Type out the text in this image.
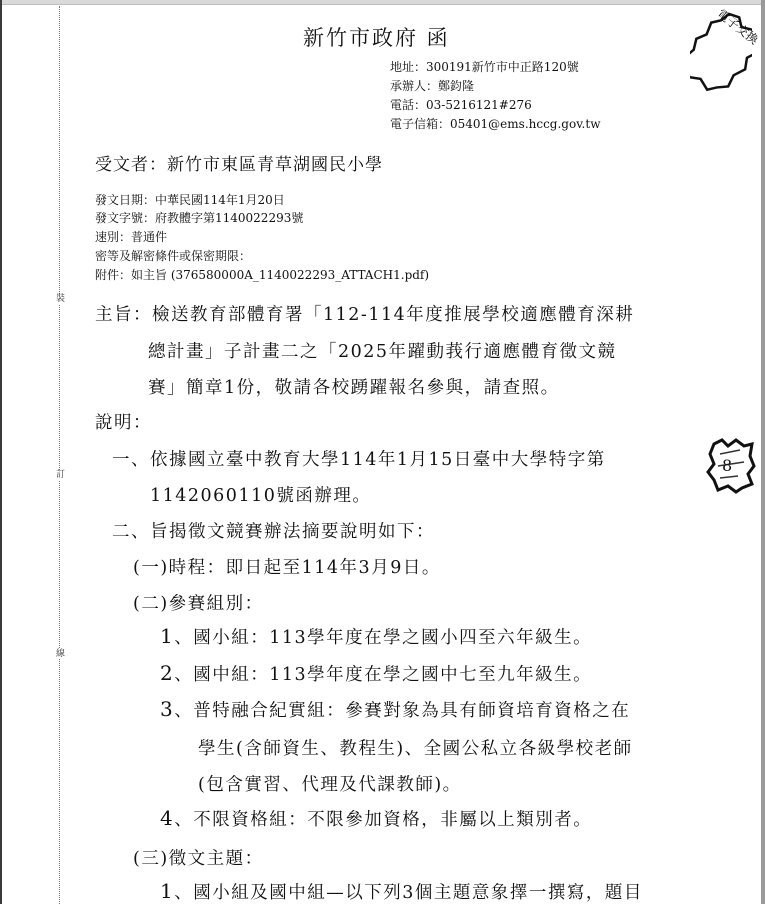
裝
訂
線
電子交換
8
新竹市政府 函
地址：300191新竹市中正路120號
承辦人：鄭鈞隆
電話：03-5216121#276
電子信箱：05401@ems.hccg.gov.tw
受文者：新竹市東區青草湖國民小學
發文日期：中華民國114年1月20日
發文字號：府教體字第1140022293號
速別：普通件
密等及解密條件或保密期限：
附件：如主旨 (376580000A_1140022293_ATTACH1.pdf)
主旨：檢送教育部體育署「112-114年度推展學校適應體育深耕
總計畫」子計畫二之「2025年躍動莪行適應體育徵文競
賽」簡章1份，敬請各校踴躍報名參與，請查照。
說明：
一、依據國立臺中教育大學114年1月15日臺中大學特字第
1142060110號函辦理。
二、旨揭徵文競賽辦法摘要說明如下：
(一)時程：即日起至114年3月9日。
(二)參賽組別：
1、國小組：113學年度在學之國小四至六年級生。
2、國中組：113學年度在學之國中七至九年級生。
3、普特融合紀實組：參賽對象為具有師資培育資格之在
學生(含師資生、教程生)、全國公私立各級學校老師
(包含實習、代理及代課教師)。
4、不限資格組：不限參加資格，非屬以上類別者。
(三)徵文主題：
1、國小組及國中組—以下列3個主題意象擇一撰寫，題目
